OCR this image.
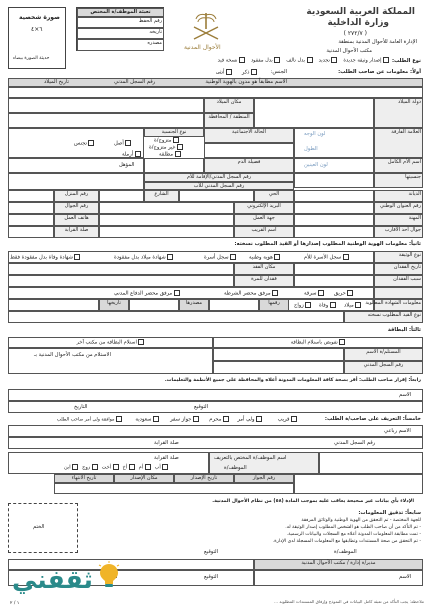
المملكة العربية السعودية
وزارة الداخلية
( ٢٧٢/٧ )
الإدارة العامة للأحوال المدنية بمنطقة
مكتب الأحوال المدنية
الأحوال المدنية
تعبئة الموظف/ة المختص
رقم الحفظ
تاريخه
مصدره
صورة شخصية
٦×٤
حديثة الصورة بيضاء	نوع الطلب:
إصدار وثيقة جديدة
تجديد
بدل تالف
بدل مفقود
نسخة قيد
أولاً: معلومات عن صاحب الطلب:
الجنس:
ذكر
أنثى
الاسم مطابقاً هو مدون بالهوية الوطنية
رقم السجل المدني
تاريخ الميلاد
دولة الميلاد
مكان الميلاد
المنطقة / المحافظة
العلامة الفارقة
لون الوجه
الطول
الحالة الاجتماعية
نوع الجنسية
أصل
تجنس	متزوج/ة
غير متزوج/ة
مطلقة
أرملة
اسم الأم الكامل
لون العينين
فصيلة الدم
المؤهل
جنسيتها
رقم السجل المدني/الإقامة للأم
رقم السجل المدني للأب
الديانة
الحي
الشارع
رقم المنزل
رقم العنوان الوطني
البريد الإلكتروني
رقم الجوال
المهنة
جهة العمل
هاتف العمل
جوال أحد الأقارب
اسم القريب
صلة القرابة
ثانياً: معلومات الهوية الوطنية المطلوب إصدارها أو القيد المطلوب نسخته:
نوع الوثيقة
سجل الأسرة للأم
هوية وطنية
سجل أسرة
شهادة ميلاد بدل مفقودة
شهادة وفاة بدل مفقودة فقط
تاريخ الفقدان
مكان الفقد
سبب الفقدان
فقدان للمرة
حريق
سرقة
مرفق محضر الشرطة
مرفق محضر الدفاع المدني
معلومات الشهادة المطلوبة
ميلاد
وفاة
زواج
رقمها
مصدرها
تاريخها
نوع القيد المطلوب نسخته
ثالثاً: البطاقة
استلام البطاقة من مكتب آخر	تفويض باستلام البطاقة
الاستلام من مكتب الأحوال المدنية بـ	المستلم/ة الاسم
رقم السجل المدني
رابعاً: إقرار صاحب الطلب: أقر بصحة كافة المعلومات المدونة أعلاه والمحافظة على جميع الأنظمة والتعليمات.
الاسم
التوقيع
التاريخ
خامساً: التعريف على صاحب/ة الطلب:
قريب
ولي أمر
محرم
جواز سفر
سعودية
موافقة ولي أمر صاحب الطلب
الاسم رباعي
رقم السجل المدني
صلة القرابة
اسم الموظف/ة المختص بالتعريف
الموظف/ة
صلة القرابة
أب
أم
أخ
أخت
زوج
ابن
رقم الجواز
تاريخ الإصدار
مكان الإصدار
تاريخ الانتهاء
الإدلاء بأي بيانات غير صحيحة يعاقب عليه بموجب المادة (٥٨) من نظام الأحوال المدنية.
سابعاً: تدقيق المعلومات:
للجهة المختصة - تم التحقق من الهوية الوطنية والوثائق المرفقة
- تم التأكد من أن صاحب الطلب هو الشخص المطلوب إصدار الوثيقة له.
- تمت مطابقة المعلومات المدونة أعلاه مع السجلات والبيانات الرسمية.
- تم التحقق من صحة المستندات وتطابقها مع المعلومات المسجلة لدى الإدارة.
الختم
الموظف/ة
التوقيع
مدير/ة إدارة / مكتب الأحوال المدنية
الاسم
التوقيع
ملاحظة: يجب التأكد من تعبئة كامل البيانات في النموذج وإرفاق المستندات المطلوبة ...
١ / ٢
ثقفني
